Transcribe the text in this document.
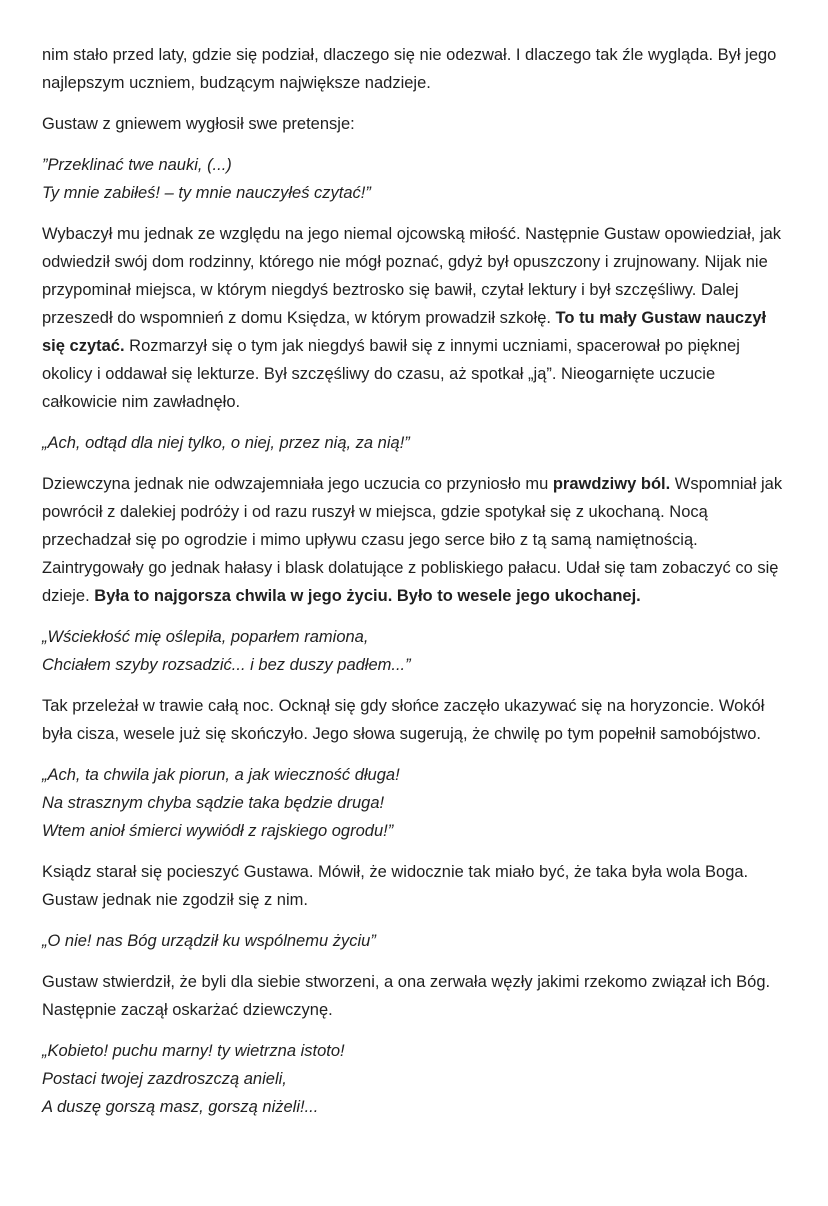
nim stało przed laty, gdzie się podział, dlaczego się nie odezwał. I dlaczego tak źle wygląda. Był jego najlepszym uczniem, budzącym największe nadzieje.

Gustaw z gniewem wygłosił swe pretensje:

”Przeklinać twe nauki, (...)
Ty mnie zabiłeś! – ty mnie nauczyłeś czytać!”

Wybaczył mu jednak ze względu na jego niemal ojcowską miłość. Następnie Gustaw opowiedział, jak odwiedził swój dom rodzinny, którego nie mógł poznać, gdyż był opuszczony i zrujnowany. Nijak nie przypominał miejsca, w którym niegdyś beztrosko się bawił, czytał lektury i był szczęśliwy. Dalej przeszedł do wspomnień z domu Księdza, w którym prowadził szkołę. To tu mały Gustaw nauczył się czytać. Rozmarzył się o tym jak niegdyś bawił się z innymi uczniami, spacerował po pięknej okolicy i oddawał się lekturze. Był szczęśliwy do czasu, aż spotkał „ją”. Nieogarnięte uczucie całkowicie nim zawładnęło.

„Ach, odtąd dla niej tylko, o niej, przez nią, za nią!”

Dziewczyna jednak nie odwzajemniała jego uczucia co przyniosło mu prawdziwy ból. Wspomniał jak powrócił z dalekiej podróży i od razu ruszył w miejsca, gdzie spotykał się z ukochaną. Nocą przechadzał się po ogrodzie i mimo upływu czasu jego serce biło z tą samą namiętnością. Zaintrygowały go jednak hałasy i blask dolatujące z pobliskiego pałacu. Udał się tam zobaczyć co się dzieje. Była to najgorsza chwila w jego życiu. Było to wesele jego ukochanej.

„Wściekłość mię oślepiła, poparłem ramiona,
Chciałem szyby rozsadzić... i bez duszy padłem...”

Tak przeleżał w trawie całą noc. Ocknął się gdy słońce zaczęło ukazywać się na horyzoncie. Wokół była cisza, wesele już się skończyło. Jego słowa sugerują, że chwilę po tym popełnił samobójstwo.

„Ach, ta chwila jak piorun, a jak wieczność długa!
Na strasznym chyba sądzie taka będzie druga!
Wtem anioł śmierci wywiódł z rajskiego ogrodu!”

Ksiądz starał się pocieszyć Gustawa. Mówił, że widocznie tak miało być, że taka była wola Boga. Gustaw jednak nie zgodził się z nim.

„O nie! nas Bóg urządził ku wspólnemu życiu”

Gustaw stwierdził, że byli dla siebie stworzeni, a ona zerwała węzły jakimi rzekomo związał ich Bóg. Następnie zaczął oskarżać dziewczynę.

„Kobieto! puchu marny! ty wietrzna istoto!
Postaci twojej zazdroszczą anieli,
A duszę gorszą masz, gorszą niżeli!...
